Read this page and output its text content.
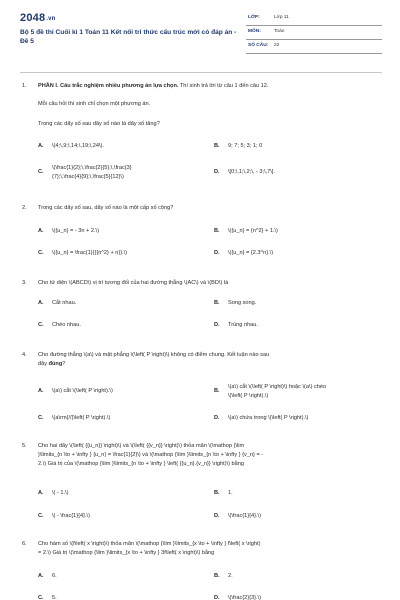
2048.vn
Bộ 5 đề thi Cuối kì 1 Toán 11 Kết nối tri thức cấu trúc mới có đáp án - Đề 5
LỚP:	Lớp 11
MÔN:	Toán
SỐ CÂU: 22
1. PHẦN I. Câu trắc nghiệm nhiều phương án lựa chọn. Thí sinh trả lời từ câu 1 đến câu 12.
Mỗi câu hỏi thí sinh chỉ chọn một phương án.
Trong các dãy số sau dãy số nào là dãy số tăng?
A. \(4;\,9;\,14;\,19;\,24\).	B. 9; 7; 5; 3; 1; 0
C.
\(\frac{1}{2};\,\frac{2}{5};\,\frac{3}
{7};\,\frac{4}{9};\,\frac{5}{12}\)
D. \[0;\,1;\,2;\, - 3;\,7\].
2. Trong các dãy số sau, dãy số nào là một cấp số cộng?
A. \({u_n} = - 3n + 2.\)	B. \({u_n} = {n^2} + 1.\)
C. \({u_n} = \frac{1}{{{n^2} + n}}.\)	D. \({u_n} = {2.3^n}.\)
3. Cho tứ diện \(ABCD\) vị trí tương đối của hai đường thẳng \(AC\) và \(BD\) là
A. Cắt nhau.	B. Song song.
C. Chéo nhau.	D. Trùng nhau.
4. Cho đường thẳng \(a\) và mặt phẳng \(\left( P \right)\) không có điểm chung. Kết luận nào sau
đây đúng?
A. \(a\) cắt \(\left( P \right).\)	B.
\(a\) cắt \(\left( P \right)\) hoặc \(a\) chéo
\(\left( P \right).\)
C. \(a\rm{//}\left( P \right).\)	D. \(a\) chứa trong \(\left( P \right).\)
5. Cho hai dãy \(\left( {{u_n}} \right)\) và \(\left( {{v_n}} \right)\) thỏa mãn \(\mathop {\lim
}\limits_{n \to + \infty } {u_n} = \frac{1}{2}\) và \(\mathop {\lim }\limits_{n \to + \infty } {v_n} = -
2.\) Giá trị của \(\mathop {\lim }\limits_{n \to + \infty } \left( {{u_n}.{v_n}} \right)\) bằng
A. \( - 1.\)	B. 1.
C. \( - \frac{1}{4}.\)	D. \(\frac{1}{4}.\)
6. Cho hàm số \(f\left( x \right)\) thỏa mãn \(\mathop {\lim }\limits_{x \to + \infty } f\left( x \right)
= 2.\) Giá trị \(\mathop {\lim }\limits_{x \to + \infty } 3f\left( x \right)\) bằng
A. 6.	B. 2.
C. 5.	D. \(\frac{2}{3}.\)
